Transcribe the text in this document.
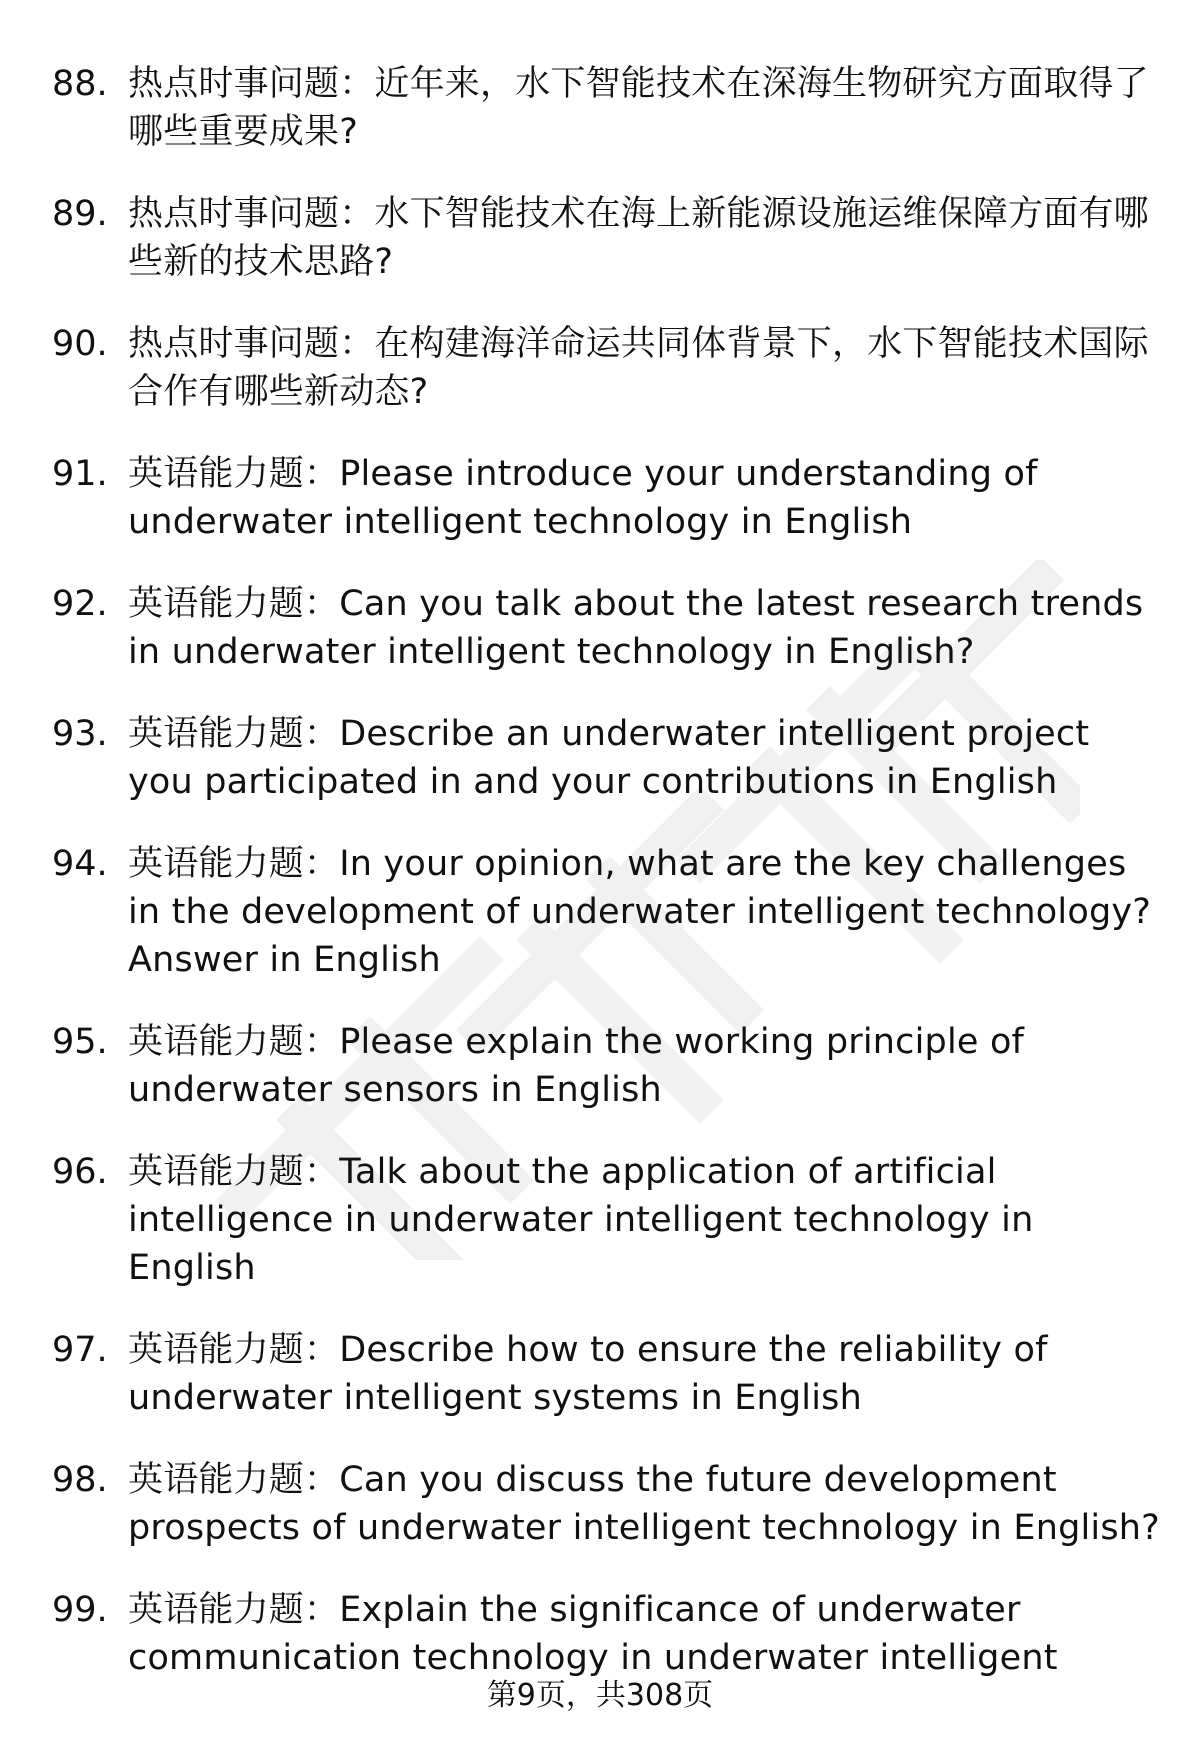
88. 热点时事问题：近年来，水下智能技术在深海生物研究方面取得了哪些重要成果?
89. 热点时事问题：水下智能技术在海上新能源设施运维保障方面有哪些新的技术思路?
90. 热点时事问题：在构建海洋命运共同体背景下，水下智能技术国际合作有哪些新动态?
91. 英语能力题：Please introduce your understanding of underwater intelligent technology in English
92. 英语能力题：Can you talk about the latest research trends in underwater intelligent technology in English?
93. 英语能力题：Describe an underwater intelligent project you participated in and your contributions in English
94. 英语能力题：In your opinion, what are the key challenges in the development of underwater intelligent technology? Answer in English
95. 英语能力题：Please explain the working principle of underwater sensors in English
96. 英语能力题：Talk about the application of artificial intelligence in underwater intelligent technology in English
97. 英语能力题：Describe how to ensure the reliability of underwater intelligent systems in English
98. 英语能力题：Can you discuss the future development prospects of underwater intelligent technology in English?
99. 英语能力题：Explain the significance of underwater communication technology in underwater intelligent
第9页，共308页
